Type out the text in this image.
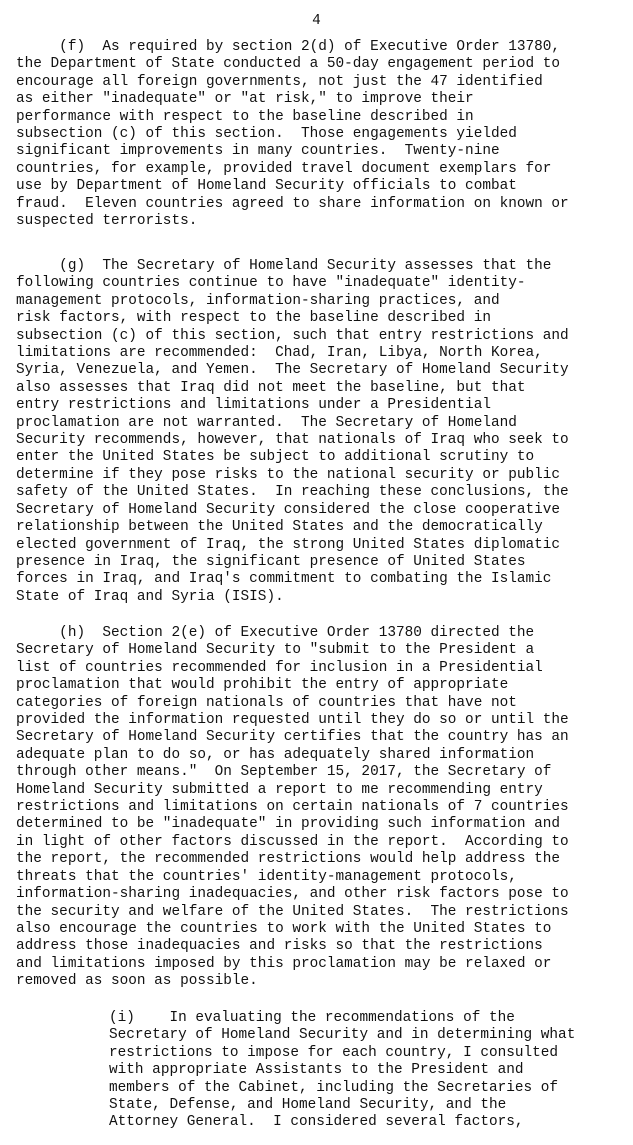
4

(f)  As required by section 2(d) of Executive Order 13780,
the Department of State conducted a 50-day engagement period to
encourage all foreign governments, not just the 47 identified
as either "inadequate" or "at risk," to improve their
performance with respect to the baseline described in
subsection (c) of this section.  Those engagements yielded
significant improvements in many countries.  Twenty-nine
countries, for example, provided travel document exemplars for
use by Department of Homeland Security officials to combat
fraud.  Eleven countries agreed to share information on known or
suspected terrorists.

(g)  The Secretary of Homeland Security assesses that the
following countries continue to have "inadequate" identity-
management protocols, information-sharing practices, and
risk factors, with respect to the baseline described in
subsection (c) of this section, such that entry restrictions and
limitations are recommended:  Chad, Iran, Libya, North Korea,
Syria, Venezuela, and Yemen.  The Secretary of Homeland Security
also assesses that Iraq did not meet the baseline, but that
entry restrictions and limitations under a Presidential
proclamation are not warranted.  The Secretary of Homeland
Security recommends, however, that nationals of Iraq who seek to
enter the United States be subject to additional scrutiny to
determine if they pose risks to the national security or public
safety of the United States.  In reaching these conclusions, the
Secretary of Homeland Security considered the close cooperative
relationship between the United States and the democratically
elected government of Iraq, the strong United States diplomatic
presence in Iraq, the significant presence of United States
forces in Iraq, and Iraq's commitment to combating the Islamic
State of Iraq and Syria (ISIS).

(h)  Section 2(e) of Executive Order 13780 directed the
Secretary of Homeland Security to "submit to the President a
list of countries recommended for inclusion in a Presidential
proclamation that would prohibit the entry of appropriate
categories of foreign nationals of countries that have not
provided the information requested until they do so or until the
Secretary of Homeland Security certifies that the country has an
adequate plan to do so, or has adequately shared information
through other means."  On September 15, 2017, the Secretary of
Homeland Security submitted a report to me recommending entry
restrictions and limitations on certain nationals of 7 countries
determined to be "inadequate" in providing such information and
in light of other factors discussed in the report.  According to
the report, the recommended restrictions would help address the
threats that the countries' identity-management protocols,
information-sharing inadequacies, and other risk factors pose to
the security and welfare of the United States.  The restrictions
also encourage the countries to work with the United States to
address those inadequacies and risks so that the restrictions
and limitations imposed by this proclamation may be relaxed or
removed as soon as possible.

(i)    In evaluating the recommendations of the
Secretary of Homeland Security and in determining what
restrictions to impose for each country, I consulted
with appropriate Assistants to the President and
members of the Cabinet, including the Secretaries of
State, Defense, and Homeland Security, and the
Attorney General.  I considered several factors,
